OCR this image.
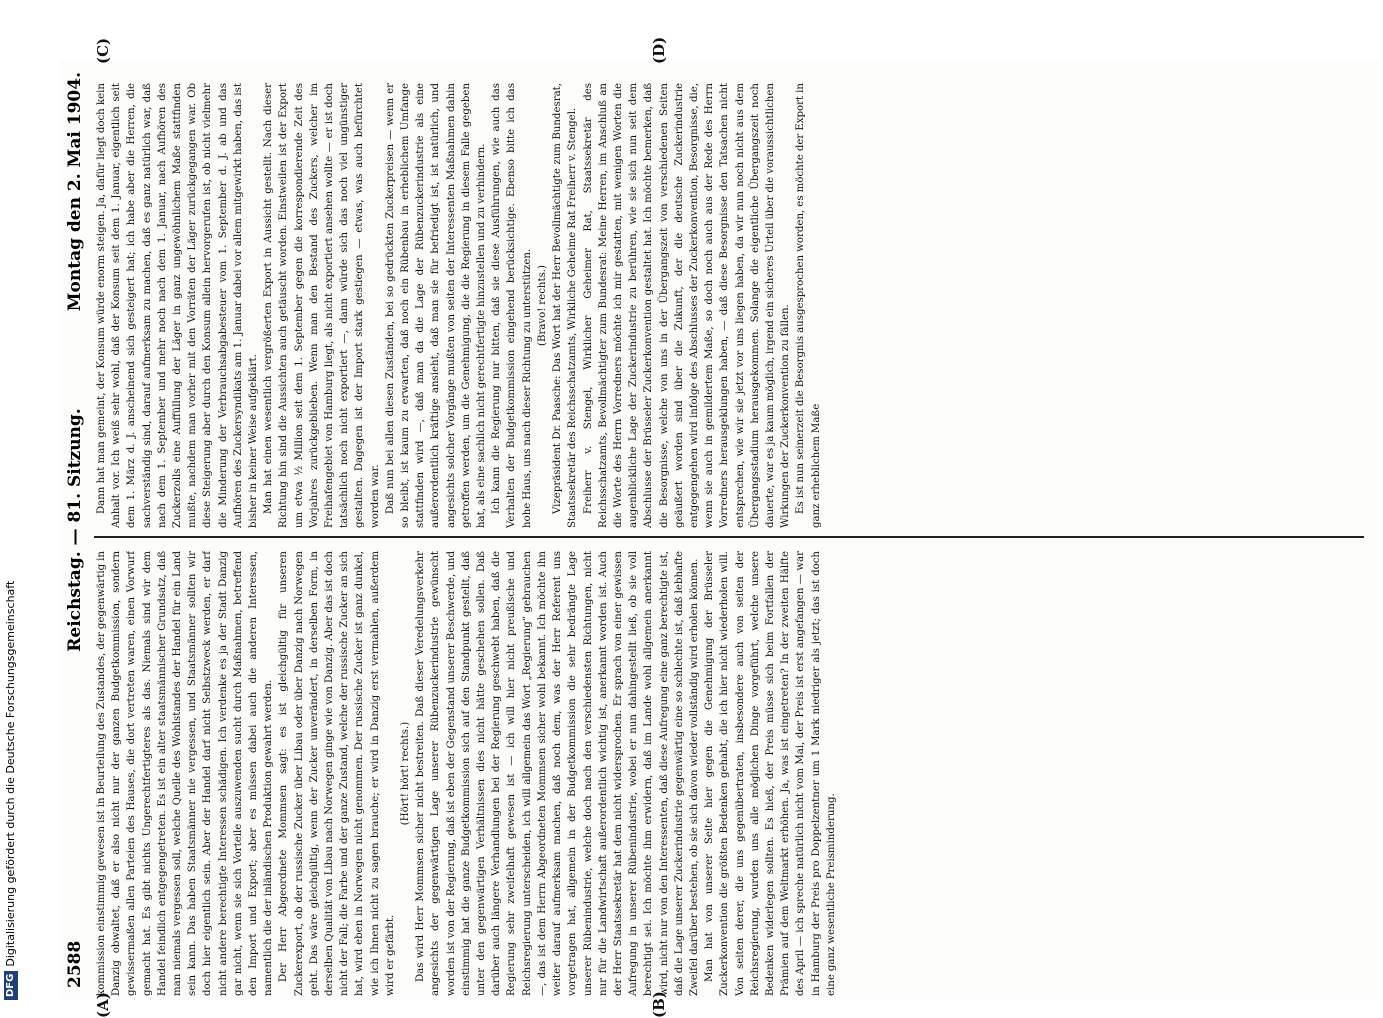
2588
Reichstag. — 81. Sitzung.
Montag den 2. Mai 1904.
(A)	(B)
(C)	(D)

kommission einstimmig gewesen ist in Beurteilung des Zustandes, der gegenwärtig in Danzig obwaltet, daß er also nicht nur der ganzen Budgetkommission, sondern gewissermaßen allen Parteien des Hauses, die dort vertreten waren, einen Vorwurf gemacht hat. Es gibt nichts Ungerechtfertigteres als das. Niemals sind wir dem Handel feindlich entgegengetreten. Es ist ein alter staatsmännischer Grundsatz, daß man niemals vergessen soll, welche Quelle des Wohlstandes der Handel für ein Land sein kann. Das haben Staatsmänner nie vergessen, und Staatsmänner sollten wir doch hier eigentlich sein. Aber der Handel darf nicht Selbstzweck werden, er darf nicht andere berechtigte Interessen schädigen. Ich verdenke es ja der Stadt Danzig gar nicht, wenn sie sich Vorteile auszuwenden sucht durch Maßnahmen, betreffend den Import und Export; aber es müssen dabei auch die anderen Interessen, namentlich die der inländischen Produktion gewahrt werden. Der Herr Abgeordnete Mommsen sagt: es ist gleichgültig für unseren Zuckerexport, ob der russische Zucker über Libau oder über Danzig nach Norwegen geht. Das wäre gleichgültig, wenn der Zucker unverändert, in derselben Form, in derselben Qualität von Libau nach Norwegen ginge wie von Danzig. Aber das ist doch nicht der Fall; die Farbe und der ganze Zustand, welche der russische Zucker an sich hat, wird eben in Norwegen nicht genommen. Der russische Zucker ist ganz dunkel, wie ich Ihnen nicht zu sagen brauche; er wird in Danzig erst vermahlen, außerdem wird er gefärbt.

(Hört! hört! rechts.) Das wird Herr Mommsen sicher nicht bestreiten. Daß dieser Veredelungsverkehr angesichts der gegenwärtigen Lage unserer Rübenzuckerindustrie gewünscht worden ist von der Regierung, daß ist eben der Gegenstand unserer Beschwerde, und einstimmig hat die ganze Budgetkommission sich auf den Standpunkt gestellt, daß unter den gegenwärtigen Verhältnissen dies nicht hätte geschehen sollen. Daß darüber auch längere Verhandlungen bei der Regierung geschwebt haben, daß die Regierung sehr zweifelhaft gewesen ist — ich will hier nicht preußische und Reichsregierung unterscheiden, ich will allgemein das Wort „Regierung“ gebrauchen —, das ist dem Herrn Abgeordneten Mommsen sicher wohl bekannt. Ich möchte ihn weiter darauf aufmerksam machen, daß noch dem, was der Herr Referent uns vorgetragen hat, allgemein in der Budgetkommission die sehr bedrängte Lage unserer Rübenindustrie, welche doch nach den verschiedensten Richtungen, nicht nur für die Landwirtschaft außerordentlich wichtig ist, anerkannt worden ist. Auch der Herr Staatssekretär hat dem nicht widersprochen. Er sprach von einer gewissen Aufregung in unserer Rübenindustrie, wobei er nun dahingestellt ließ, ob sie voll berechtigt sei. Ich möchte ihm erwidern, daß im Lande wohl allgemein anerkannt wird, nicht nur von den Interessenten, daß diese Aufregung eine ganz berechtigte ist, daß die Lage unserer Zuckerindustrie gegenwärtig eine so schlechte ist, daß lebhafte Zweifel darüber bestehen, ob sie sich davon wieder vollständig wird erholen können. Man hat von unserer Seite hier gegen die Genehmigung der Brüsseler Zuckerkonvention die größten Bedenken gehabt, die ich hier nicht wiederholen will. Von seiten derer, die uns gegenübertraten, insbesondere auch von seiten der Reichsregierung, wurden uns alle möglichen Dinge vorgeführt, welche unsere Bedenken widerlegen sollten. Es hieß, der Preis müsse sich beim Fortfallen der Prämien auf dem Weltmarkt erhöhen. Ja, was ist eingetreten? In der zweiten Hälfte des April — ich spreche natürlich nicht vom Mai, der Preis ist erst angefangen — war in Hamburg der Preis pro Doppelzentner um 1 Mark niedriger als jetzt; das ist doch eine ganz wesentliche Preisminderung.

Dann hat man gemeint, der Konsum würde enorm steigen. Ja, dafür liegt doch kein Anhalt vor. Ich weiß sehr wohl, daß der Konsum seit dem 1. Januar, eigentlich seit dem 1. März d. J. anscheinend sich gesteigert hat; ich habe aber die Herren, die sachverständig sind, darauf aufmerksam zu machen, daß es ganz natürlich war, daß nach dem 1. September und mehr noch nach dem 1. Januar, nach Aufhören des Zuckerzolls eine Auffüllung der Läger in ganz ungewöhnlichem Maße stattfinden mußte, nachdem man vorher mit den Vorräten der Läger zurückgegangen war. Ob diese Steigerung aber durch den Konsum allein hervorgerufen ist, ob nicht vielmehr die Minderung der Verbrauchsabgabesteuer vom 1. September d. J. ab und das Aufhören des Zuckersyndikats am 1. Januar dabei vor allem mitgewirkt haben, das ist bisher in keiner Weise aufgeklärt. Man hat einen wesentlich vergrößerten Export in Aussicht gestellt. Nach dieser Richtung hin sind die Aussichten auch getäuscht worden. Einstweilen ist der Export um etwa ½ Million seit dem 1. September gegen die korrespondierende Zeit des Vorjahres zurückgeblieben. Wenn man den Bestand des Zuckers, welcher im Freihafengebiet von Hamburg liegt, als nicht exportiert ansehen wollte — er ist doch tatsächlich noch nicht exportiert —, dann würde sich das noch viel ungünstiger gestalten. Dagegen ist der Import stark gestiegen — etwas, was auch befürchtet worden war. Daß nun bei allen diesen Zuständen, bei so gedrückten Zuckerpreisen — wenn er so bleibt, ist kaum zu erwarten, daß noch ein Rübenbau in erheblichem Umfange stattfinden wird —, daß man da die Lage der Rübenzuckerindustrie als eine außerordentlich kräftige ansieht, daß man sie für befriedigt ist, ist natürlich, und angesichts solcher Vorgänge mußten von seiten der Interessenten Maßnahmen dahin getroffen werden, um die Genehmigung, die die Regierung in diesem Falle gegeben hat, als eine sachlich nicht gerechtfertigte hinzustellen und zu verhindern. Ich kann die Regierung nur bitten, daß sie diese Ausführungen, wie auch das Verhalten der Budgetkommission eingehend berücksichtige. Ebenso bitte ich das hohe Haus, uns nach dieser Richtung zu unterstützen. (Bravo! rechts.) Vizepräsident Dr. Paasche: Das Wort hat der Herr Bevollmächtigte zum Bundesrat, Staatssekretär des Reichsschatzamts, Wirkliche Geheime Rat Freiherr v. Stengel. Freiherr v. Stengel, Wirklicher Geheimer Rat, Staatssekretär des Reichsschatzamts, Bevollmächtigter zum Bundesrat: Meine Herren, im Anschluß an die Worte des Herrn Vorredners möchte ich mir gestatten, mit wenigen Worten die augenblickliche Lage der Zuckerindustrie zu berühren, wie sie sich nun seit dem Abschlusse der Brüsseler Zuckerkonvention gestaltet hat. Ich möchte bemerken, daß die Besorgnisse, welche von uns in der Übergangszeit von verschiedenen Seiten geäußert worden sind über die Zukunft, der die deutsche Zuckerindustrie entgegengehen wird infolge des Abschlusses der Zuckerkonvention, Besorgnisse, die, wenn sie auch in gemildertem Maße, so doch noch auch aus der Rede des Herrn Vorredners herausgeklungen haben, — daß diese Besorgnisse den Tatsachen nicht entsprechen, wie wir sie jetzt vor uns liegen haben, da wir nun noch nicht aus dem Übergangsstadium herausgekommen. Solange die eigentliche Übergangszeit noch dauerte, war es ja kaum möglich, irgend ein sicheres Urteil über die voraussichtlichen Wirkungen der Zuckerkonvention zu fällen. Es ist nun seinerzeit die Besorgnis ausgesprochen worden, es möchte der Export in ganz erheblichem Maße

DFGDigitalisierung gefördert durch die Deutsche Forschungsgemeinschaft
